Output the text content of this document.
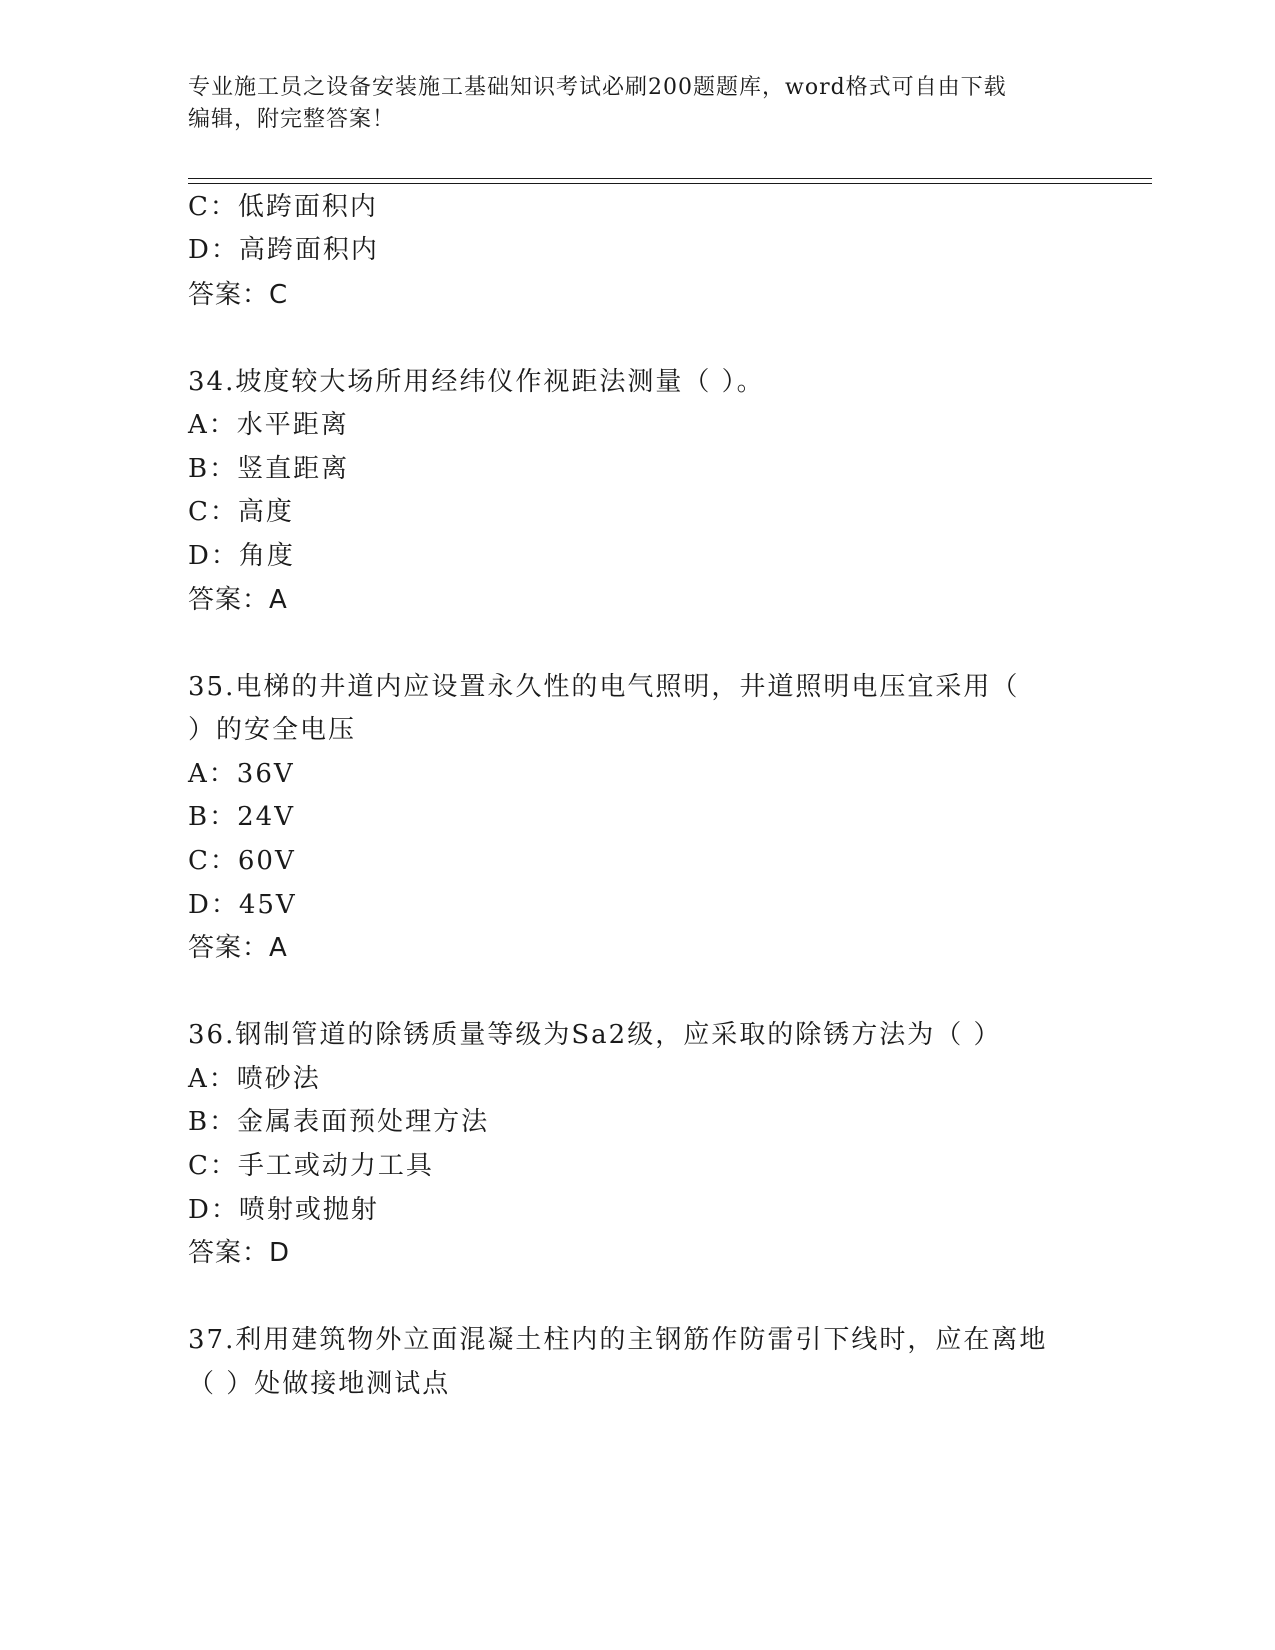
专业施工员之设备安装施工基础知识考试必刷200题题库，word格式可自由下载
编辑，附完整答案！
C：低跨面积内
D：高跨面积内
答案：C
34.坡度较大场所用经纬仪作视距法测量（ ）。
A：水平距离
B：竖直距离
C：高度
D：角度
答案：A
35.电梯的井道内应设置永久性的电气照明，井道照明电压宜采用（
）的安全电压
A：36V
B：24V
C：60V
D：45V
答案：A
36.钢制管道的除锈质量等级为Sa2级，应采取的除锈方法为（ ）
A：喷砂法
B：金属表面预处理方法
C：手工或动力工具
D：喷射或抛射
答案：D
37.利用建筑物外立面混凝土柱内的主钢筋作防雷引下线时，应在离地
（ ）处做接地测试点
